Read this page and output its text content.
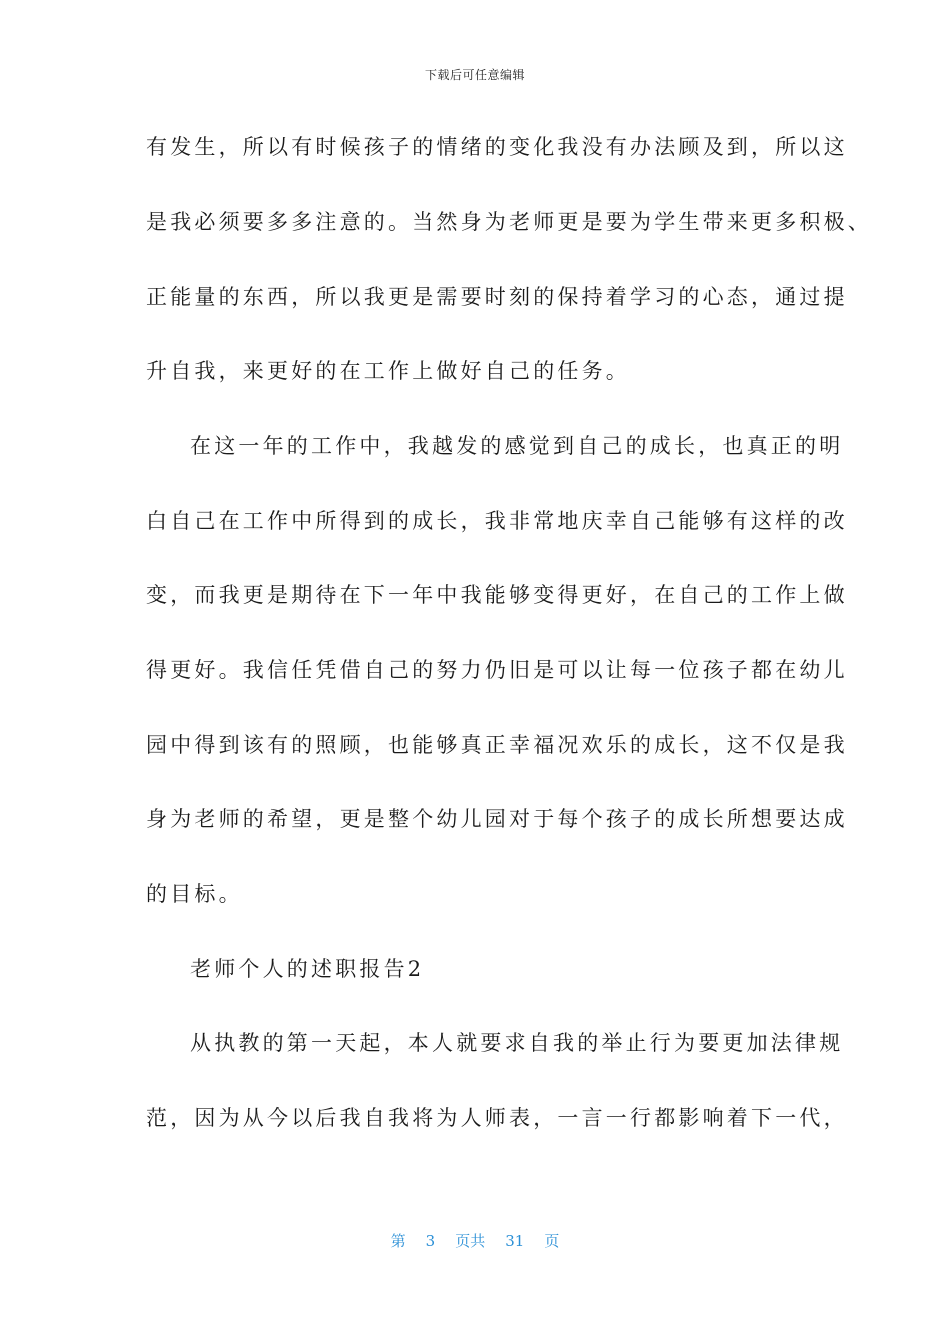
下载后可任意编辑
有发生，所以有时候孩子的情绪的变化我没有办法顾及到，所以这
是我必须要多多注意的。当然身为老师更是要为学生带来更多积极、
正能量的东西，所以我更是需要时刻的保持着学习的心态，通过提
升自我，来更好的在工作上做好自己的任务。
在这一年的工作中，我越发的感觉到自己的成长，也真正的明
白自己在工作中所得到的成长，我非常地庆幸自己能够有这样的改
变，而我更是期待在下一年中我能够变得更好，在自己的工作上做
得更好。我信任凭借自己的努力仍旧是可以让每一位孩子都在幼儿
园中得到该有的照顾，也能够真正幸福况欢乐的成长，这不仅是我
身为老师的希望，更是整个幼儿园对于每个孩子的成长所想要达成
的目标。
老师个人的述职报告2
从执教的第一天起，本人就要求自我的举止行为要更加法律规
范，因为从今以后我自我将为人师表，一言一行都影响着下一代，
第 3 页共 31 页
